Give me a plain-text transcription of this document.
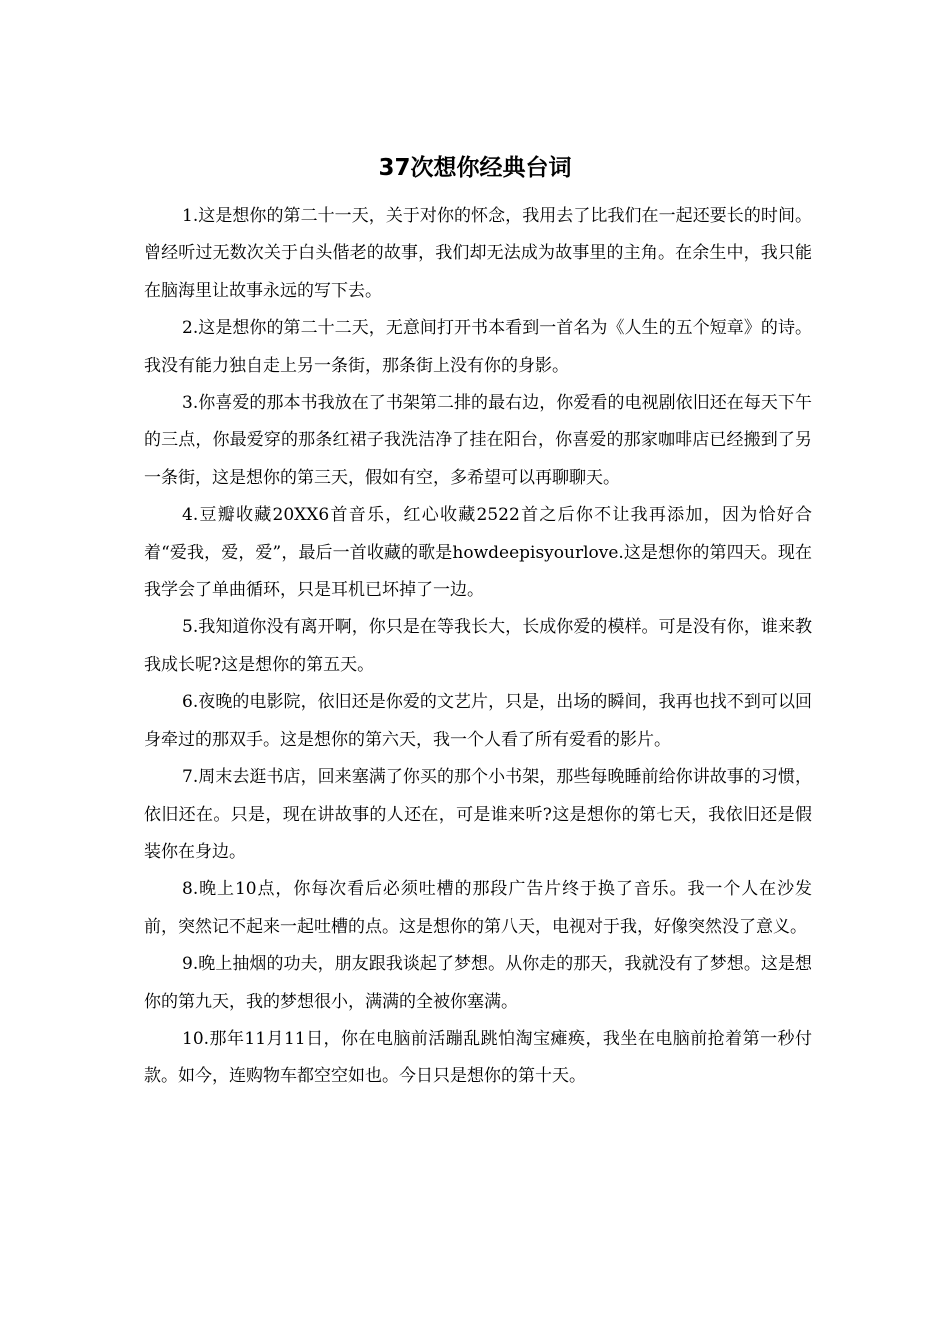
37次想你经典台词

1.这是想你的第二十一天，关于对你的怀念，我用去了比我们在一起还要长的时间。曾经听过无数次关于白头偕老的故事，我们却无法成为故事里的主角。在余生中，我只能在脑海里让故事永远的写下去。

2.这是想你的第二十二天，无意间打开书本看到一首名为《人生的五个短章》的诗。我没有能力独自走上另一条街，那条街上没有你的身影。

3.你喜爱的那本书我放在了书架第二排的最右边，你爱看的电视剧依旧还在每天下午的三点，你最爱穿的那条红裙子我洗洁净了挂在阳台，你喜爱的那家咖啡店已经搬到了另一条街，这是想你的第三天，假如有空，多希望可以再聊聊天。

4.豆瓣收藏20XX6首音乐，红心收藏2522首之后你不让我再添加，因为恰好合着“爱我，爱，爱”，最后一首收藏的歌是howdeepisyourlove.这是想你的第四天。现在我学会了单曲循环，只是耳机已坏掉了一边。

5.我知道你没有离开啊，你只是在等我长大，长成你爱的模样。可是没有你，谁来教我成长呢?这是想你的第五天。

6.夜晚的电影院，依旧还是你爱的文艺片，只是，出场的瞬间，我再也找不到可以回身牵过的那双手。这是想你的第六天，我一个人看了所有爱看的影片。

7.周末去逛书店，回来塞满了你买的那个小书架，那些每晚睡前给你讲故事的习惯，依旧还在。只是，现在讲故事的人还在，可是谁来听?这是想你的第七天，我依旧还是假装你在身边。

8.晚上10点，你每次看后必须吐槽的那段广告片终于换了音乐。我一个人在沙发前，突然记不起来一起吐槽的点。这是想你的第八天，电视对于我，好像突然没了意义。

9.晚上抽烟的功夫，朋友跟我谈起了梦想。从你走的那天，我就没有了梦想。这是想你的第九天，我的梦想很小，满满的全被你塞满。

10.那年11月11日，你在电脑前活蹦乱跳怕淘宝瘫痪，我坐在电脑前抢着第一秒付款。如今，连购物车都空空如也。今日只是想你的第十天。
